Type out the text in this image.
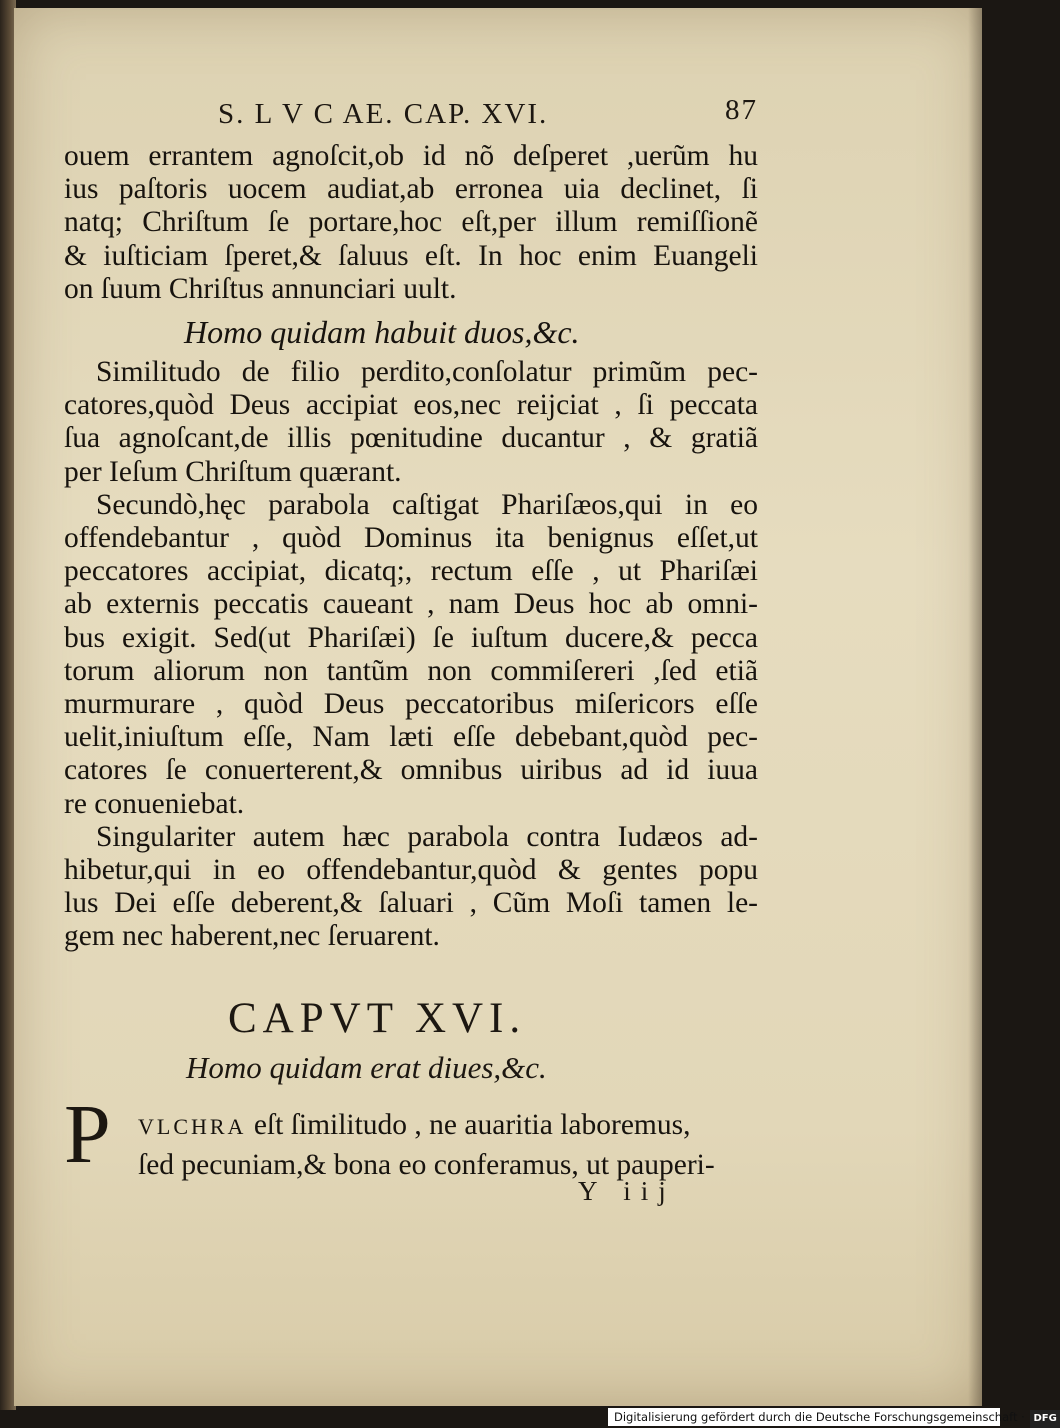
S. L V C AE. CAP. XVI.	87

ouem errantem agnoſcit,ob id nõ deſperet ,uerũm hu
ius paſtoris uocem audiat,ab erronea uia declinet, ſi
natq; Chriſtum ſe portare,hoc eſt,per illum remiſſionẽ
& iuſticiam ſperet,& ſaluus eſt. In hoc enim Euangeli
on ſuum Chriſtus annunciari uult.

Homo quidam habuit duos,&c.

Similitudo de filio perdito,conſolatur primũm pec-
catores,quòd Deus accipiat eos,nec reijciat , ſi peccata
ſua agnoſcant,de illis pœnitudine ducantur , & gratiã
per Ieſum Chriſtum quærant.

Secundò,hęc parabola caſtigat Phariſæos,qui in eo
offendebantur , quòd Dominus ita benignus eſſet,ut
peccatores accipiat, dicatq;, rectum eſſe , ut Phariſæi
ab externis peccatis caueant , nam Deus hoc ab omni-
bus exigit. Sed(ut Phariſæi) ſe iuſtum ducere,& pecca
torum aliorum non tantũm non commiſereri ,ſed etiã
murmurare , quòd Deus peccatoribus miſericors eſſe
uelit,iniuſtum eſſe, Nam læti eſſe debebant,quòd pec-
catores ſe conuerterent,& omnibus uiribus ad id iuua
re conueniebat.

Singulariter autem hæc parabola contra Iudæos ad-
hibetur,qui in eo offendebantur,quòd & gentes popu
lus Dei eſſe deberent,& ſaluari , Cũm Moſi tamen le-
gem nec haberent,nec ſeruarent.

CAPVT XVI.
Homo quidam erat diues,&c.
P VLCHRA eſt ſimilitudo , ne auaritia laboremus,
ſed pecuniam,& bona eo conferamus, ut pauperi-
Y iij
Digitalisierung gefördert durch die Deutsche Forschungsgemeinschaft · DFG
